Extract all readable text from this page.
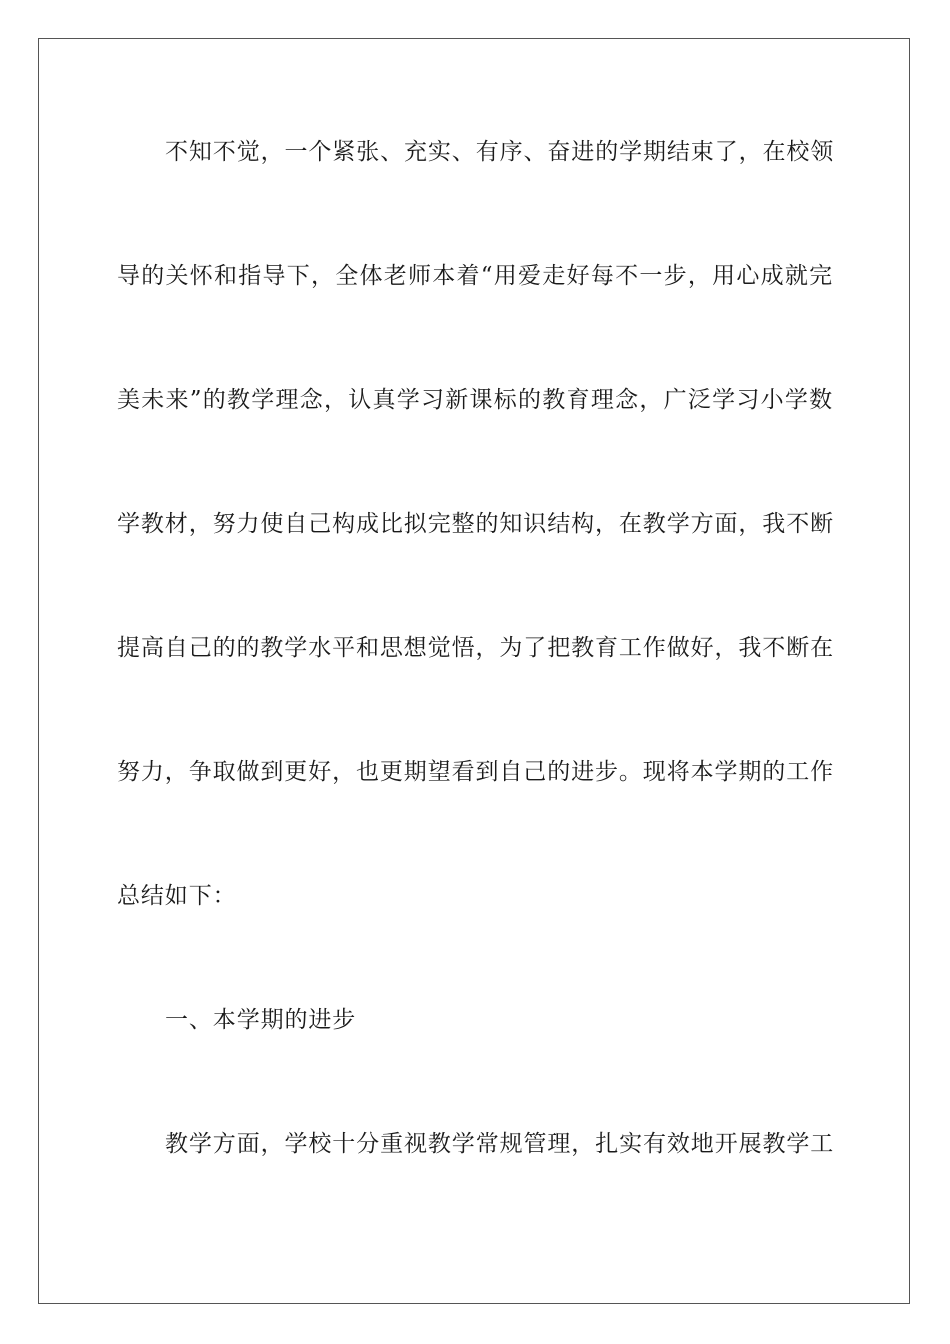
不知不觉，一个紧张、充实、有序、奋进的学期结束了，在校领
导的关怀和指导下，全体老师本着“用爱走好每不一步，用心成就完
美未来”的教学理念，认真学习新课标的教育理念，广泛学习小学数
学教材，努力使自己构成比拟完整的知识结构，在教学方面，我不断
提高自己的的教学水平和思想觉悟，为了把教育工作做好，我不断在
努力，争取做到更好，也更期望看到自己的进步。现将本学期的工作
总结如下：
一、本学期的进步
教学方面，学校十分重视教学常规管理，扎实有效地开展教学工
